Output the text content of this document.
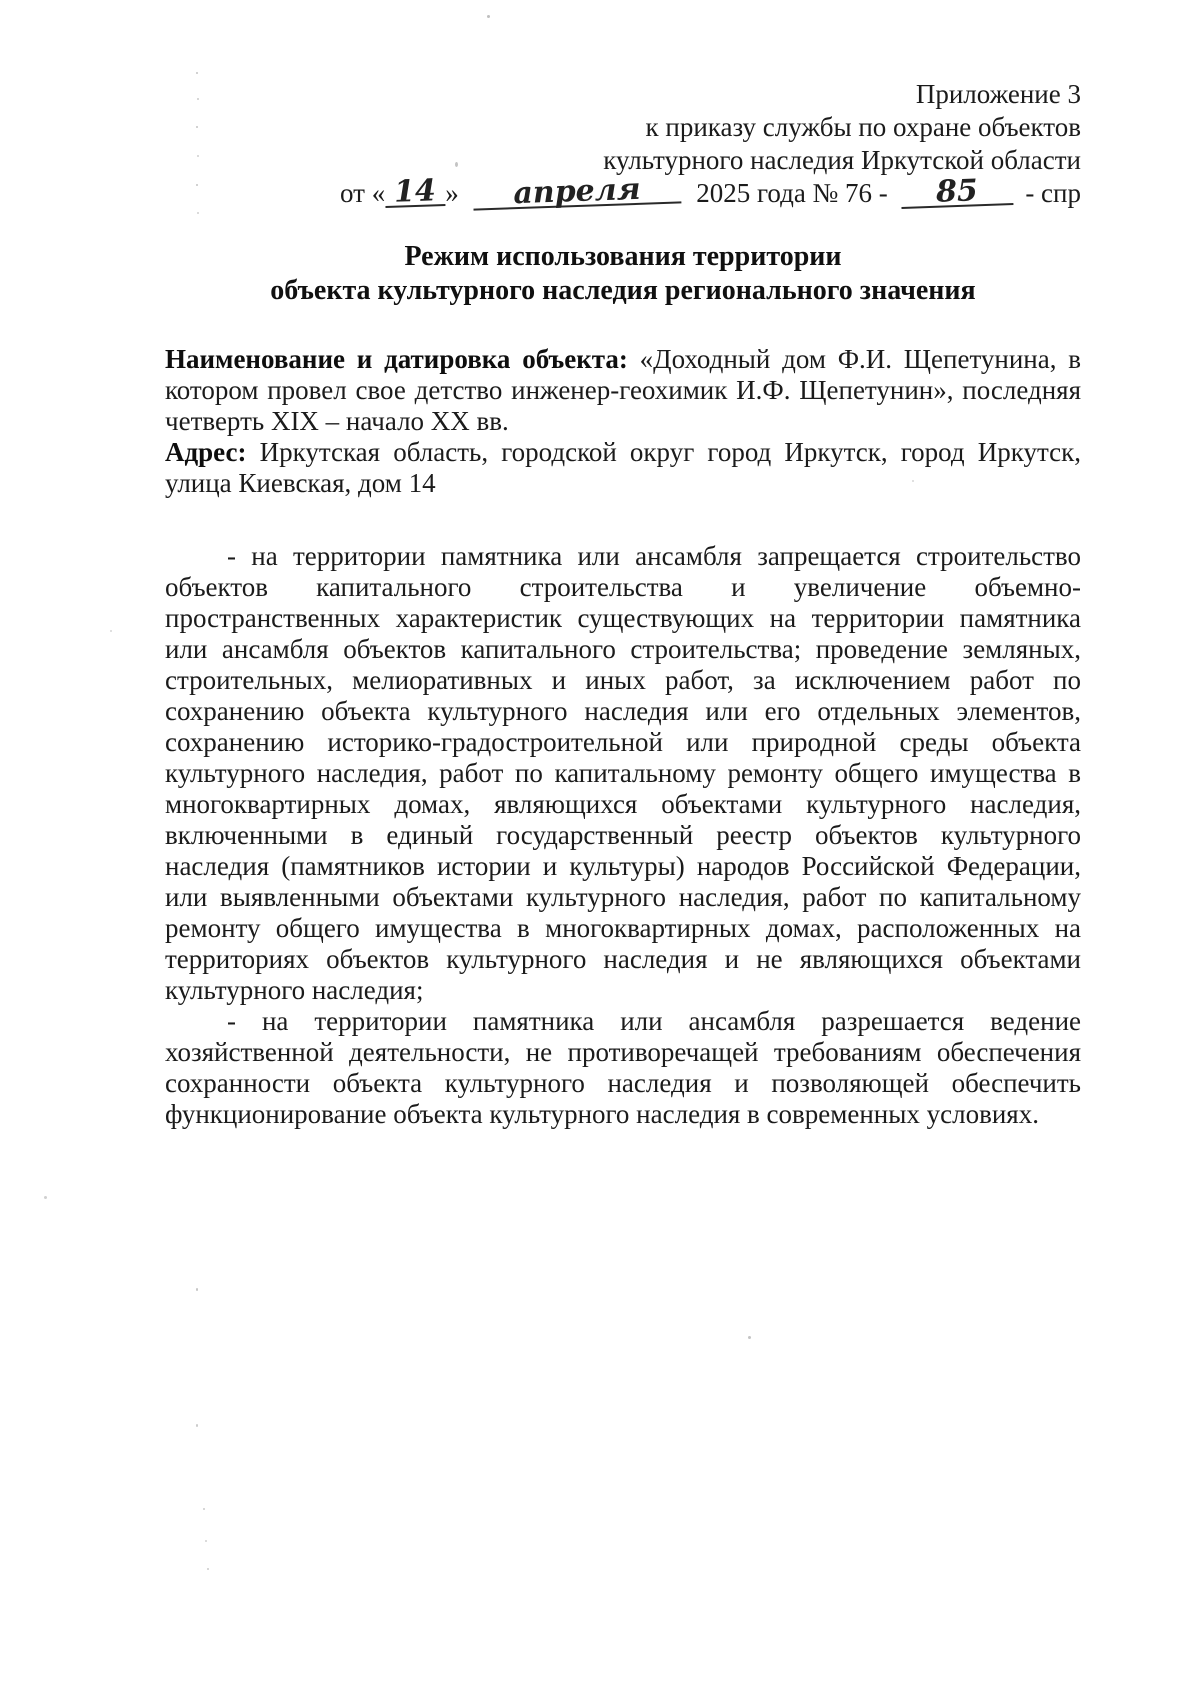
Приложение 3
к приказу службы по охране объектов
культурного наследия Иркутской области
от « 14 » апреля 2025 года № 76 - 85 - спр
Режим использования территории
объекта культурного наследия регионального значения

Наименование и датировка объекта: «Доходный дом Ф.И. Щепетунина, в котором провел свое детство инженер-геохимик И.Ф. Щепетунин», последняя четверть XIX – начало XX вв.

Адрес: Иркутская область, городской округ город Иркутск, город Иркутск, улица Киевская, дом 14

- на территории памятника или ансамбля запрещается строительство объектов капитального строительства и увеличение объемно-пространственных характеристик существующих на территории памятника или ансамбля объектов капитального строительства; проведение земляных, строительных, мелиоративных и иных работ, за исключением работ по сохранению объекта культурного наследия или его отдельных элементов, сохранению историко-градостроительной или природной среды объекта культурного наследия, работ по капитальному ремонту общего имущества в многоквартирных домах, являющихся объектами культурного наследия, включенными в единый государственный реестр объектов культурного наследия (памятников истории и культуры) народов Российской Федерации, или выявленными объектами культурного наследия, работ по капитальному ремонту общего имущества в многоквартирных домах, расположенных на территориях объектов культурного наследия и не являющихся объектами культурного наследия;

- на территории памятника или ансамбля разрешается ведение хозяйственной деятельности, не противоречащей требованиям обеспечения сохранности объекта культурного наследия и позволяющей обеспечить функционирование объекта культурного наследия в современных условиях.
